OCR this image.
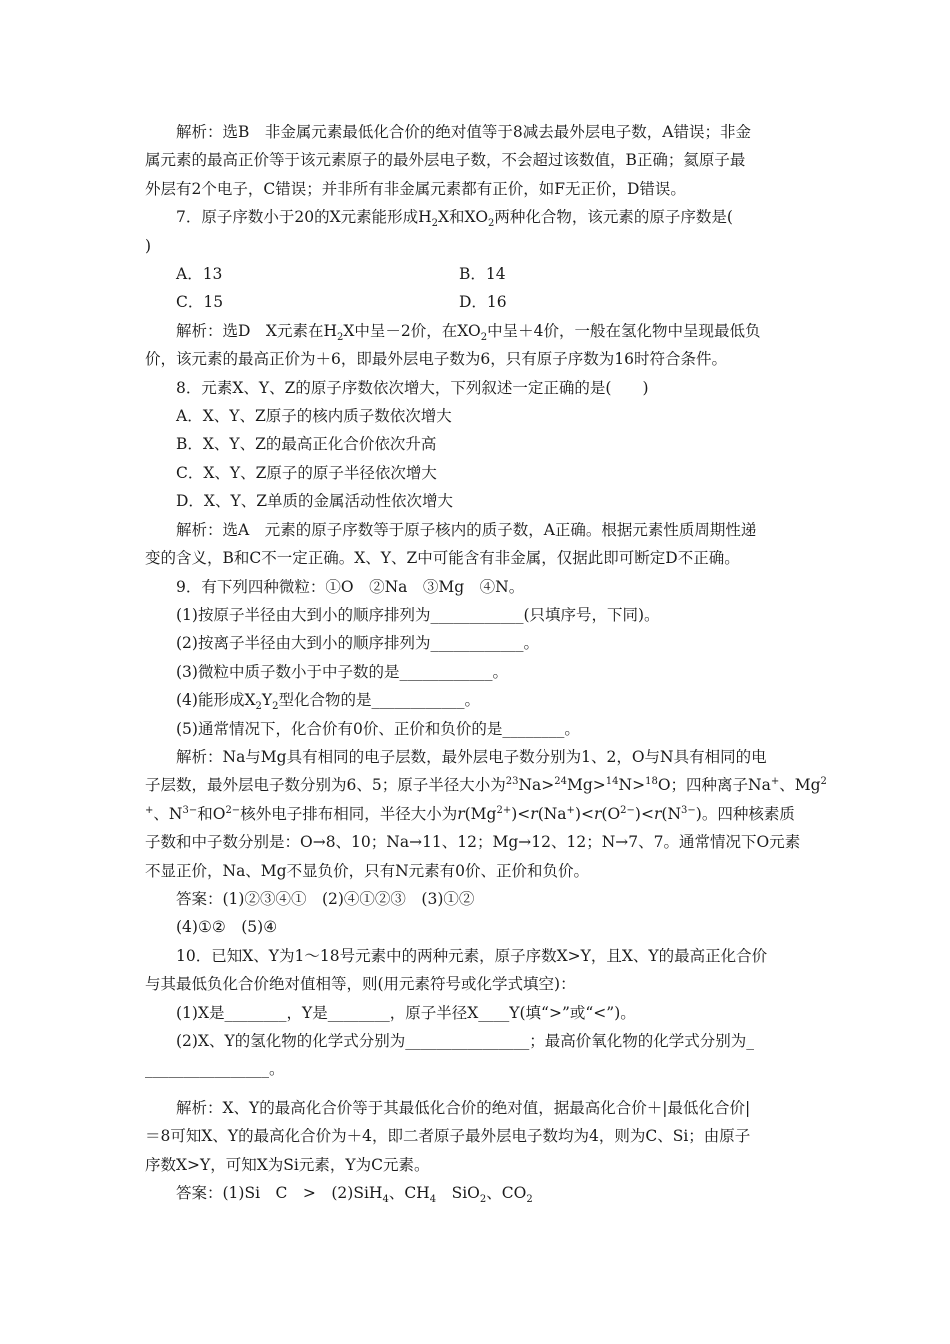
解析：选B　非金属元素最低化合价的绝对值等于8减去最外层电子数，A错误；非金
属元素的最高正价等于该元素原子的最外层电子数，不会超过该数值，B正确；氦原子最
外层有2个电子，C错误；并非所有非金属元素都有正价，如F无正价，D错误。
7．原子序数小于20的X元素能形成$H_2X$和$XO_2$两种化合物，该元素的原子序数是(
)
A．13	B．14
C．15	D．16
解析：选D　X元素在$H_2X$中呈－2价，在$XO_2$中呈＋4价，一般在氢化物中呈现最低负
价，该元素的最高正价为＋6，即最外层电子数为6，只有原子序数为16时符合条件。
8．元素X、Y、Z的原子序数依次增大，下列叙述一定正确的是(　　)
A．X、Y、Z原子的核内质子数依次增大
B．X、Y、Z的最高正化合价依次升高
C．X、Y、Z原子的原子半径依次增大
D．X、Y、Z单质的金属活动性依次增大
解析：选A　元素的原子序数等于原子核内的质子数，A正确。根据元素性质周期性递
变的含义，B和C不一定正确。X、Y、Z中可能含有非金属，仅据此即可断定D不正确。
9．有下列四种微粒：①O　②Na　③Mg　④N。
(1)按原子半径由大到小的顺序排列为____________(只填序号，下同)。
(2)按离子半径由大到小的顺序排列为____________。
(3)微粒中质子数小于中子数的是____________。
(4)能形成$X_2Y_2$型化合物的是____________。
(5)通常情况下，化合价有0价、正价和负价的是________。
解析：Na与Mg具有相同的电子层数，最外层电子数分别为1、2，O与N具有相同的电
子层数，最外层电子数分别为6、5；原子半径大小为$^{23}$Na>$^{24}$Mg>$^{14}$N>$^{18}$O；四种离子Na+、Mg$^2$
+、$N^{3-}$和$O^{2-}$核外电子排布相同，半径大小为$r(Mg^{2+})<r(Na^+)<r(O^{2-})<r(N^{3-})$。四种核素质
子数和中子数分别是：O→8、10；Na→11、12；Mg→12、12；N→7、7。通常情况下O元素
不显正价，Na、Mg不显负价，只有N元素有0价、正价和负价。
答案：(1)②③④①　(2)④①②③　(3)①②
(4)①②　(5)④
10．已知X、Y为1～18号元素中的两种元素，原子序数X>Y，且X、Y的最高正化合价
与其最低负化合价绝对值相等，则(用元素符号或化学式填空)：
(1)X是________，Y是________，原子半径X____Y(填“>”或“<”)。
(2)X、Y的氢化物的化学式分别为________________；最高价氧化物的化学式分别为_
________________。
解析：X、Y的最高化合价等于其最低化合价的绝对值，据最高化合价＋|最低化合价|
＝8可知X、Y的最高化合价为＋4，即二者原子最外层电子数均为4，则为C、Si；由原子
序数X>Y，可知X为Si元素，Y为C元素。
答案：(1)Si　C　>　(2)SiH$_4$、$CH_4$　SiO$_2$、$CO_2$
